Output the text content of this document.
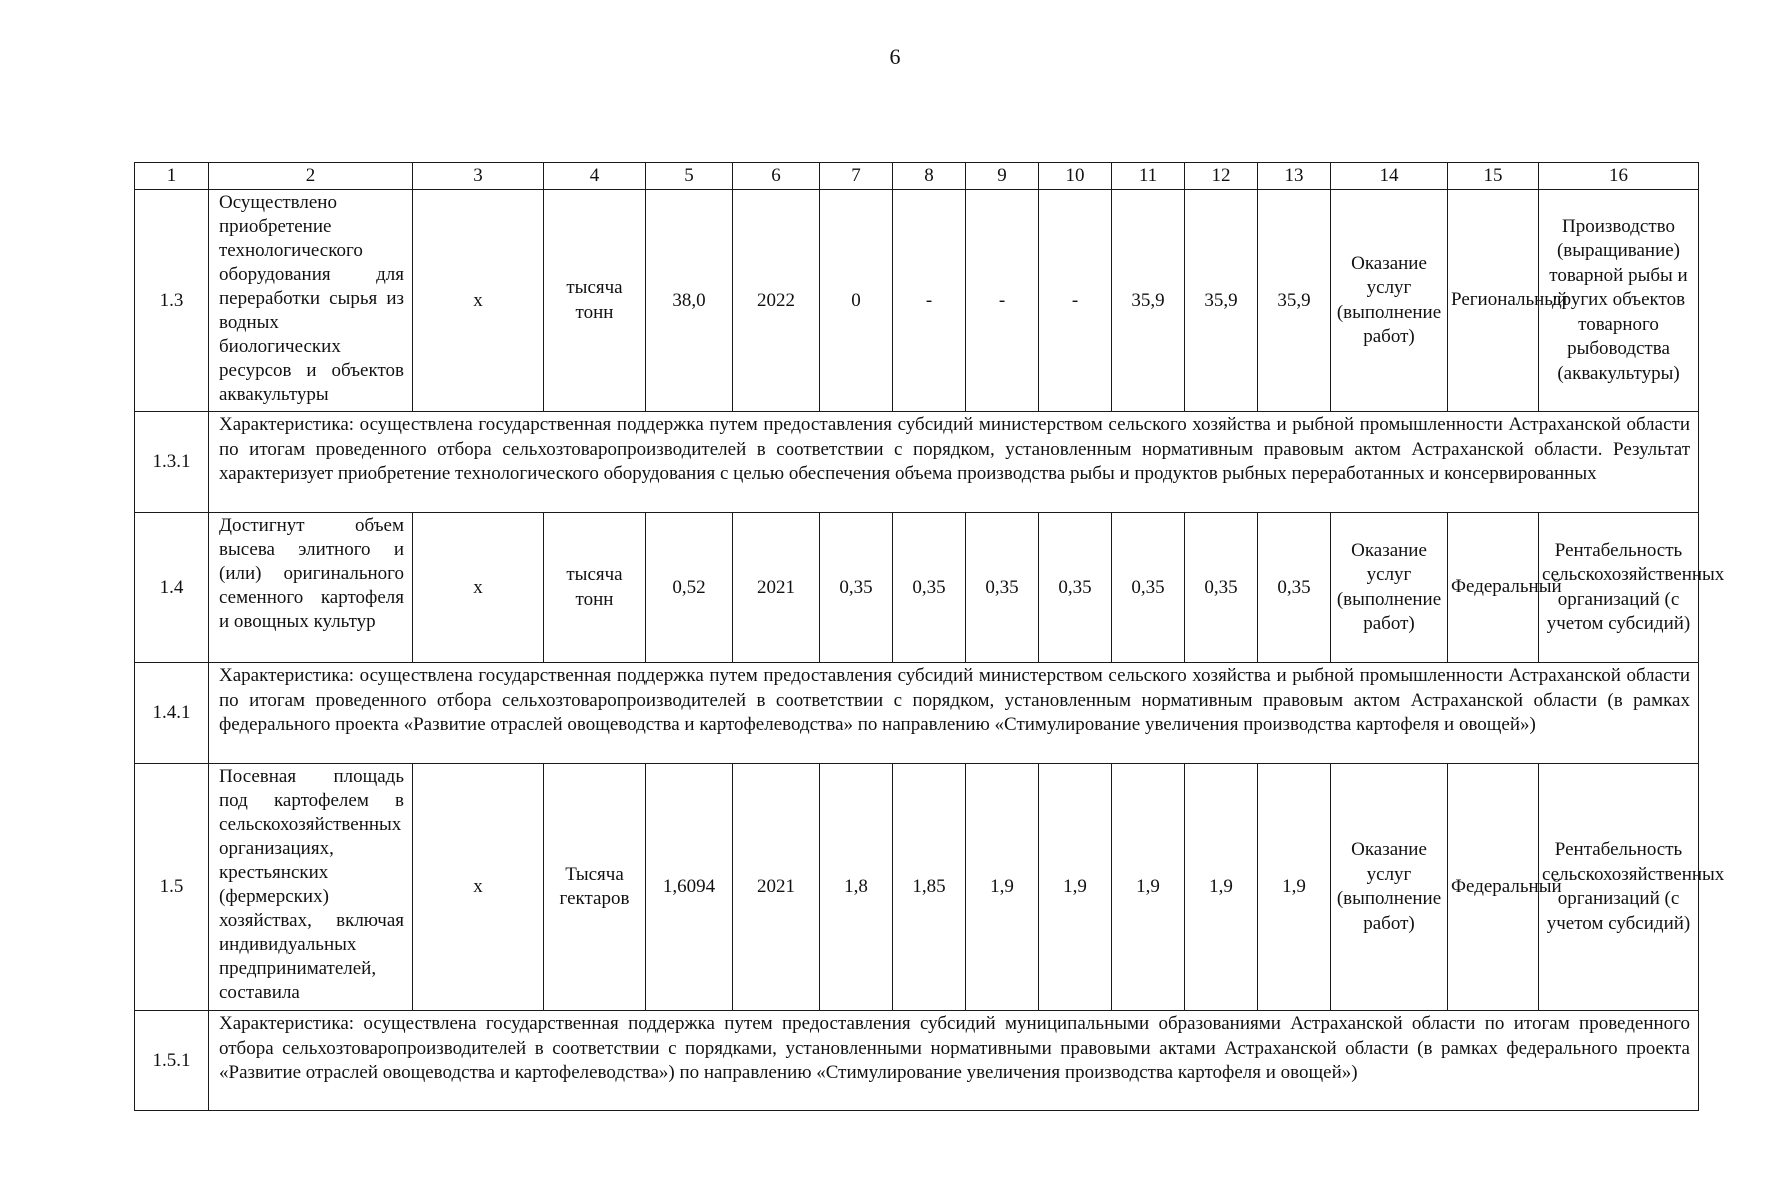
6
1	2	3	4	5	6	7	8	9	10	11	12	13	14	15	16
1.3	Осуществлено приобретение технологического оборудования для переработки сырья из водных биологических ресурсов и объектов аквакультуры	х	тысяча тонн	38,0	2022	0	-	-	-	35,9	35,9	35,9	Оказание услуг (выполнение работ)	Региональный	Производство (выращивание) товарной рыбы и других объектов товарного рыбоводства (аквакультуры)
1.3.1	Характеристика: осуществлена государственная поддержка путем предоставления субсидий министерством сельского хозяйства и рыбной промышленности Астраханской области по итогам проведенного отбора сельхозтоваропроизводителей в соответствии с порядком, установленным нормативным правовым актом Астраханской области. Результат характеризует приобретение технологического оборудования с целью обеспечения объема производства рыбы и продуктов рыбных переработанных и консервированных														
1.4	Достигнут объем высева элитного и (или) оригинального семенного картофеля и овощных культур	х	тысяча тонн	0,52	2021	0,35	0,35	0,35	0,35	0,35	0,35	0,35	Оказание услуг (выполнение работ)	Федеральный	Рентабельность сельскохозяйственных организаций (с учетом субсидий)
1.4.1	Характеристика: осуществлена государственная поддержка путем предоставления субсидий министерством сельского хозяйства и рыбной промышленности Астраханской области по итогам проведенного отбора сельхозтоваропроизводителей в соответствии с порядком, установленным нормативным правовым актом Астраханской области (в рамках федерального проекта «Развитие отраслей овощеводства и картофелеводства» по направлению «Стимулирование увеличения производства картофеля и овощей»)														
1.5	Посевная площадь под картофелем в сельскохозяйственных организациях, крестьянских (фермерских) хозяйствах, включая индивидуальных предпринимателей, составила	х	Тысяча гектаров	1,6094	2021	1,8	1,85	1,9	1,9	1,9	1,9	1,9	Оказание услуг (выполнение работ)	Федеральный	Рентабельность сельскохозяйственных организаций (с учетом субсидий)
1.5.1	Характеристика: осуществлена государственная поддержка путем предоставления субсидий муниципальными образованиями Астраханской области по итогам проведенного отбора сельхозтоваропроизводителей в соответствии с порядками, установленными нормативными правовыми актами Астраханской области (в рамках федерального проекта «Развитие отраслей овощеводства и картофелеводства») по направлению «Стимулирование увеличения производства картофеля и овощей»)														
